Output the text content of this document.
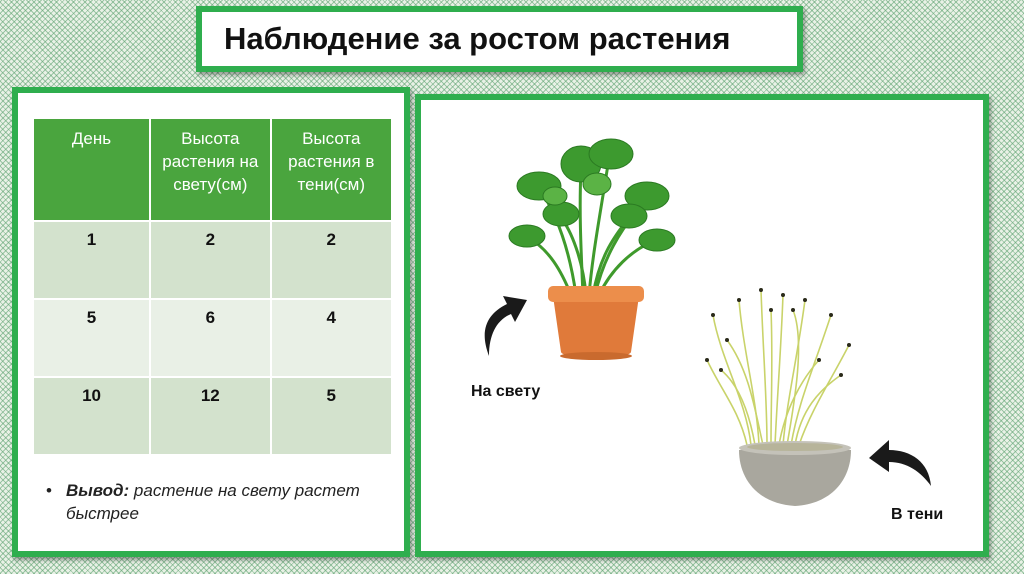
Наблюдение за ростом растения
День	Высота растения на свету(см)	Высота растения в тени(см)
1	2	2
5	6	4
10	12	5
• Вывод: растение на свету растет быстрее
На свету
В тени
